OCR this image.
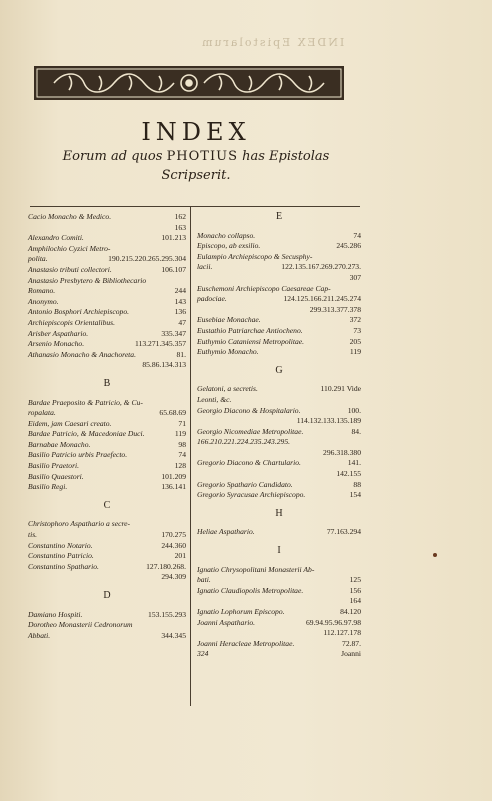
INDEX Epistolarum
INDEX
Eorum ad quos PHOTIUS has Epistolas
Scripserit.
Cacio Monacho & Medico.	162
163
Alexandro Comiti.	101.213
Amphilochio Cyzici Metro-
polita.	190.215.220.265.295.304
Anastasio tributi collectori.	106.107
Anastasio Presbytero & Bibliothecario
Romano.	244
Anonymo.	143
Antonio Bosphori Archiepiscopo.	136
Archiepiscopis Orientalibus.	47
Arisber Aspathario.	335.347
Arsenio Monacho.	113.271.345.357
Athanasio Monacho & Anachoreta.	81.
85.86.134.313
B
Bardae Praeposito & Patricio, & Cu-
ropalata.	65.68.69
Eidem, jam Caesari creato.	71
Bardae Patricio, & Macedoniae Duci.	119
Barnabae Monacho.	98
Basilio Patricio urbis Praefecto.	74
Basilio Praetori.	128
Basilio Quaestori.	101.209
Basilio Regi.	136.141
C
Christophoro Aspathario a secre-
tis.	170.275
Constantino Notario.	244.360
Constantino Patricio.	201
Constantino Spathario.	127.180.268.
294.309
D
Damiano Hospiti.	153.155.293
Dorotheo Monasterii Cedronorum
Abbati.	344.345
E
Monacho collapso.	74
Episcopo, ab exsilio.	245.286
Eulampio Archiepiscopo & Secusphy-
lacii.	122.135.167.269.270.273.
307
Euschemoni Archiepiscopo Caesareae Cap-
padociae.	124.125.166.211.245.274
299.313.377.378
Eusebiae Monachae.	372
Eustathio Patriarchae Antiocheno.	73
Euthymio Cataniensi Metropolitae.	205
Euthymio Monacho.	119
G
Gelatoni, a secretis.	110.291 Vide
Leonti, &c.
Georgio Diacono & Hospitalario.	100.
114.132.133.135.189
Georgio Nicomediae Metropolitae.	84.
166.210.221.224.235.243.295.
296.318.380
Gregorio Diacono & Chartulario.	141.
142.155
Gregorio Spathario Candidato.	88
Gregorio Syracusae Archiepiscopo.	154
H
Heliae Aspathario.	77.163.294
I
Ignatio Chrysopolitani Monasterii Ab-
bati.	125
Ignatio Claudiopolis Metropolitae.	156
164
Ignatio Lophorum Episcopo.	84.120
Joanni Aspathario.	69.94.95.96.97.98
112.127.178
Joanni Heracleae Metropolitae.	72.87.
324	Joanni
